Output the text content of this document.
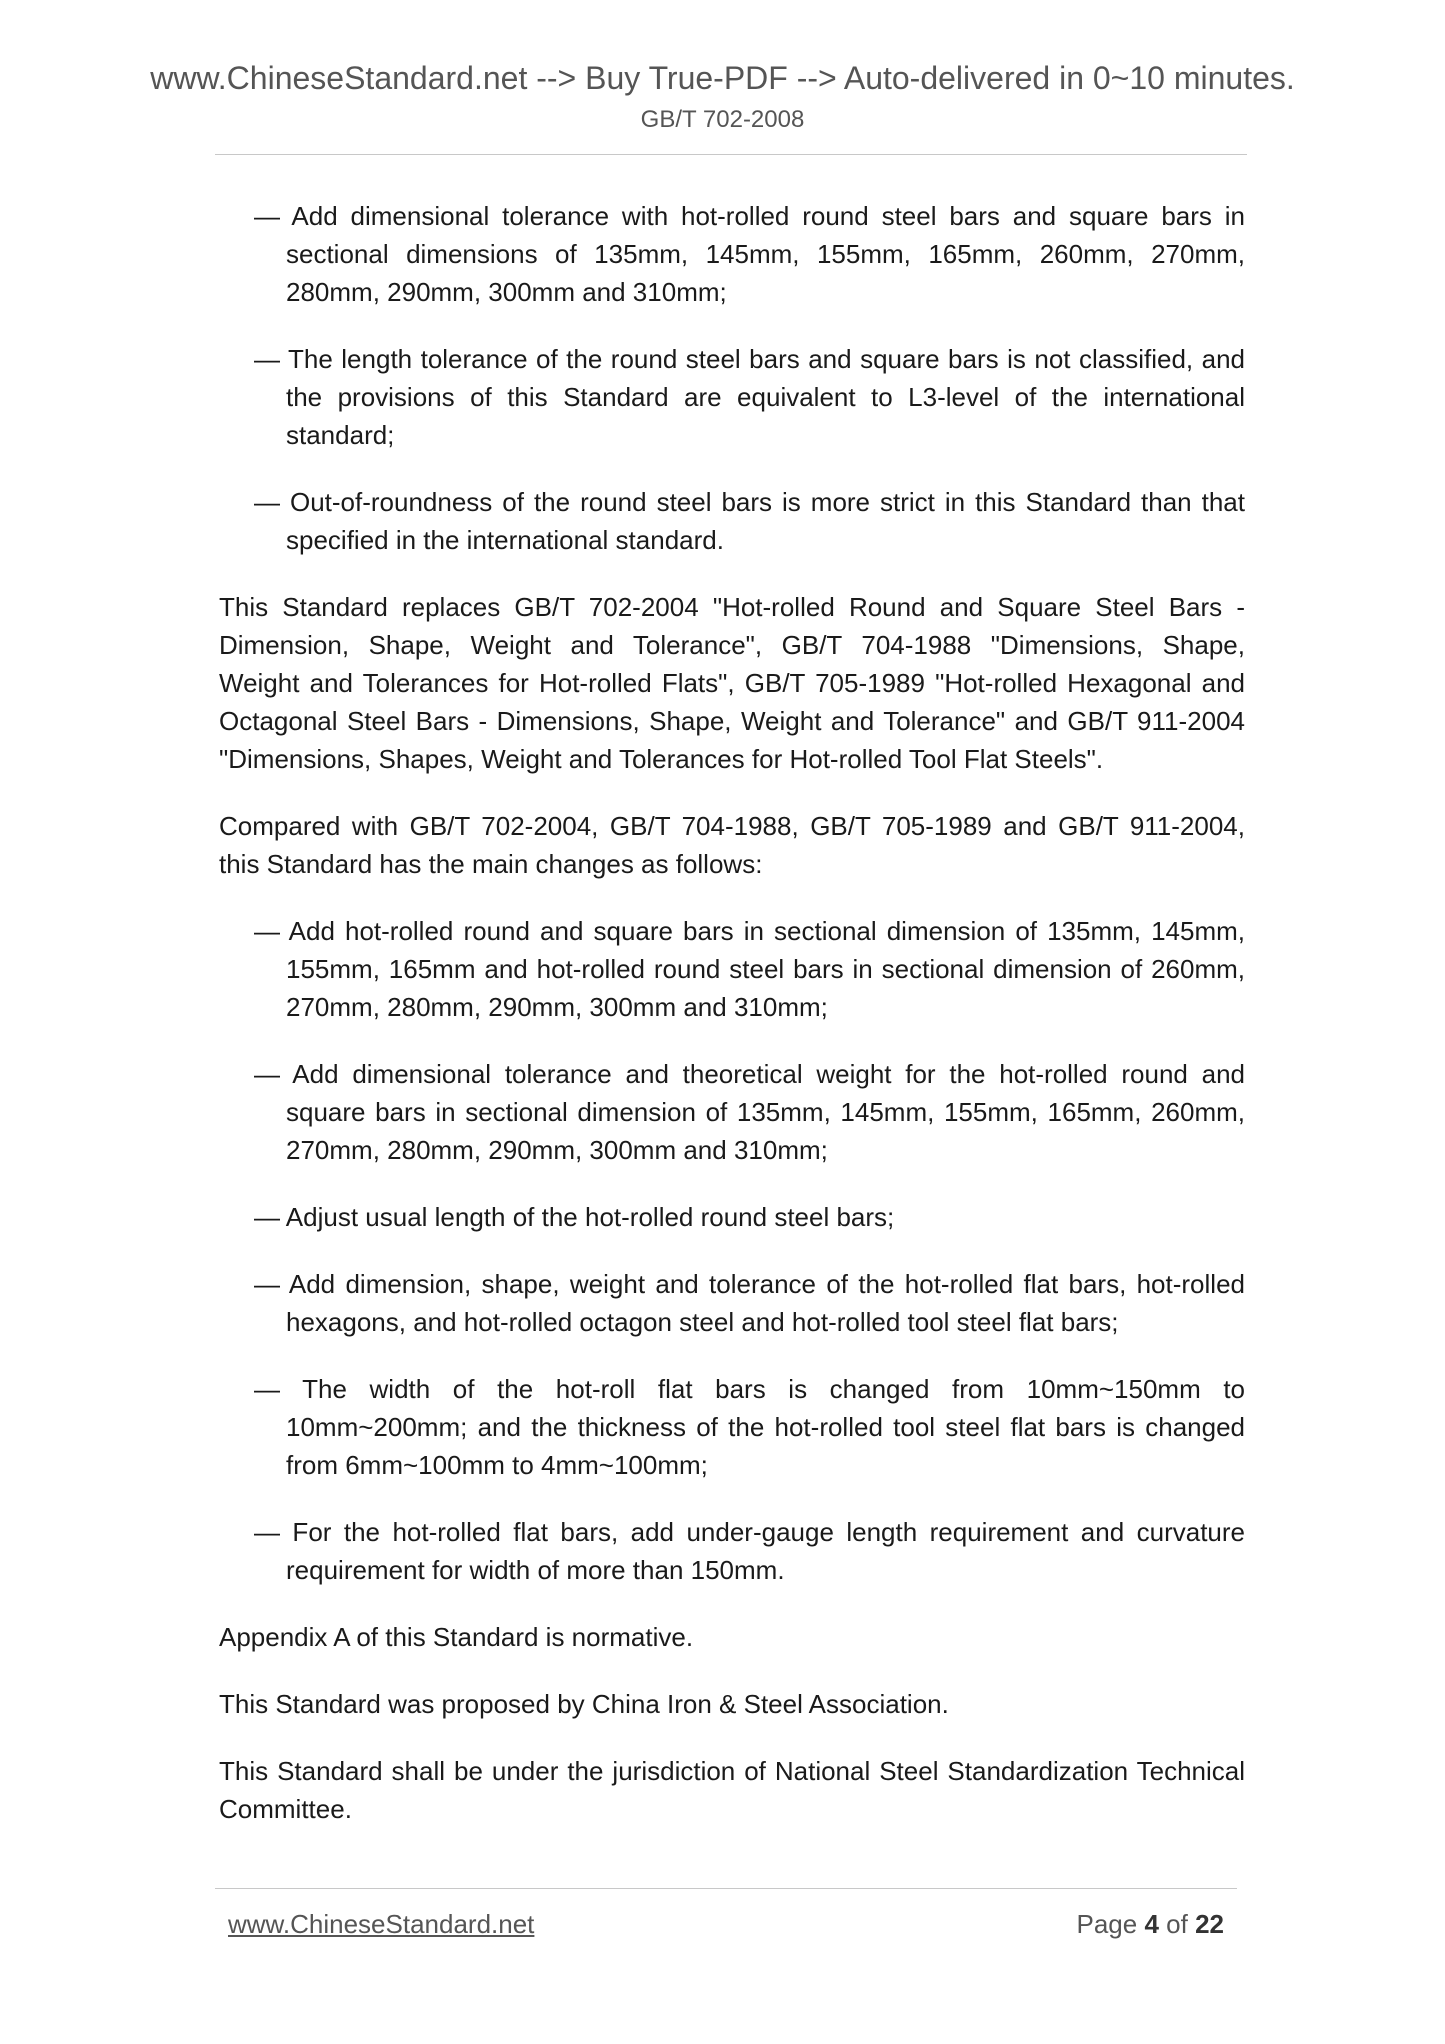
www.ChineseStandard.net --> Buy True-PDF --> Auto-delivered in 0~10 minutes.
GB/T 702-2008
— Add dimensional tolerance with hot-rolled round steel bars and square bars in
sectional dimensions of 135mm, 145mm, 155mm, 165mm, 260mm, 270mm,
280mm, 290mm, 300mm and 310mm;
— The length tolerance of the round steel bars and square bars is not classified, and
the provisions of this Standard are equivalent to L3-level of the international
standard;
— Out-of-roundness of the round steel bars is more strict in this Standard than that
specified in the international standard.
This Standard replaces GB/T 702-2004 "Hot-rolled Round and Square Steel Bars -
Dimension, Shape, Weight and Tolerance", GB/T 704-1988 "Dimensions, Shape,
Weight and Tolerances for Hot-rolled Flats", GB/T 705-1989 "Hot-rolled Hexagonal and
Octagonal Steel Bars - Dimensions, Shape, Weight and Tolerance" and GB/T 911-2004
"Dimensions, Shapes, Weight and Tolerances for Hot-rolled Tool Flat Steels".
Compared with GB/T 702-2004, GB/T 704-1988, GB/T 705-1989 and GB/T 911-2004,
this Standard has the main changes as follows:
— Add hot-rolled round and square bars in sectional dimension of 135mm, 145mm,
155mm, 165mm and hot-rolled round steel bars in sectional dimension of 260mm,
270mm, 280mm, 290mm, 300mm and 310mm;
— Add dimensional tolerance and theoretical weight for the hot-rolled round and
square bars in sectional dimension of 135mm, 145mm, 155mm, 165mm, 260mm,
270mm, 280mm, 290mm, 300mm and 310mm;
— Adjust usual length of the hot-rolled round steel bars;
— Add dimension, shape, weight and tolerance of the hot-rolled flat bars, hot-rolled
hexagons, and hot-rolled octagon steel and hot-rolled tool steel flat bars;
— The width of the hot-roll flat bars is changed from 10mm~150mm to
10mm~200mm; and the thickness of the hot-rolled tool steel flat bars is changed
from 6mm~100mm to 4mm~100mm;
— For the hot-rolled flat bars, add under-gauge length requirement and curvature
requirement for width of more than 150mm.
Appendix A of this Standard is normative.
This Standard was proposed by China Iron & Steel Association.
This Standard shall be under the jurisdiction of National Steel Standardization Technical
Committee.
www.ChineseStandard.net	Page 4 of 22
